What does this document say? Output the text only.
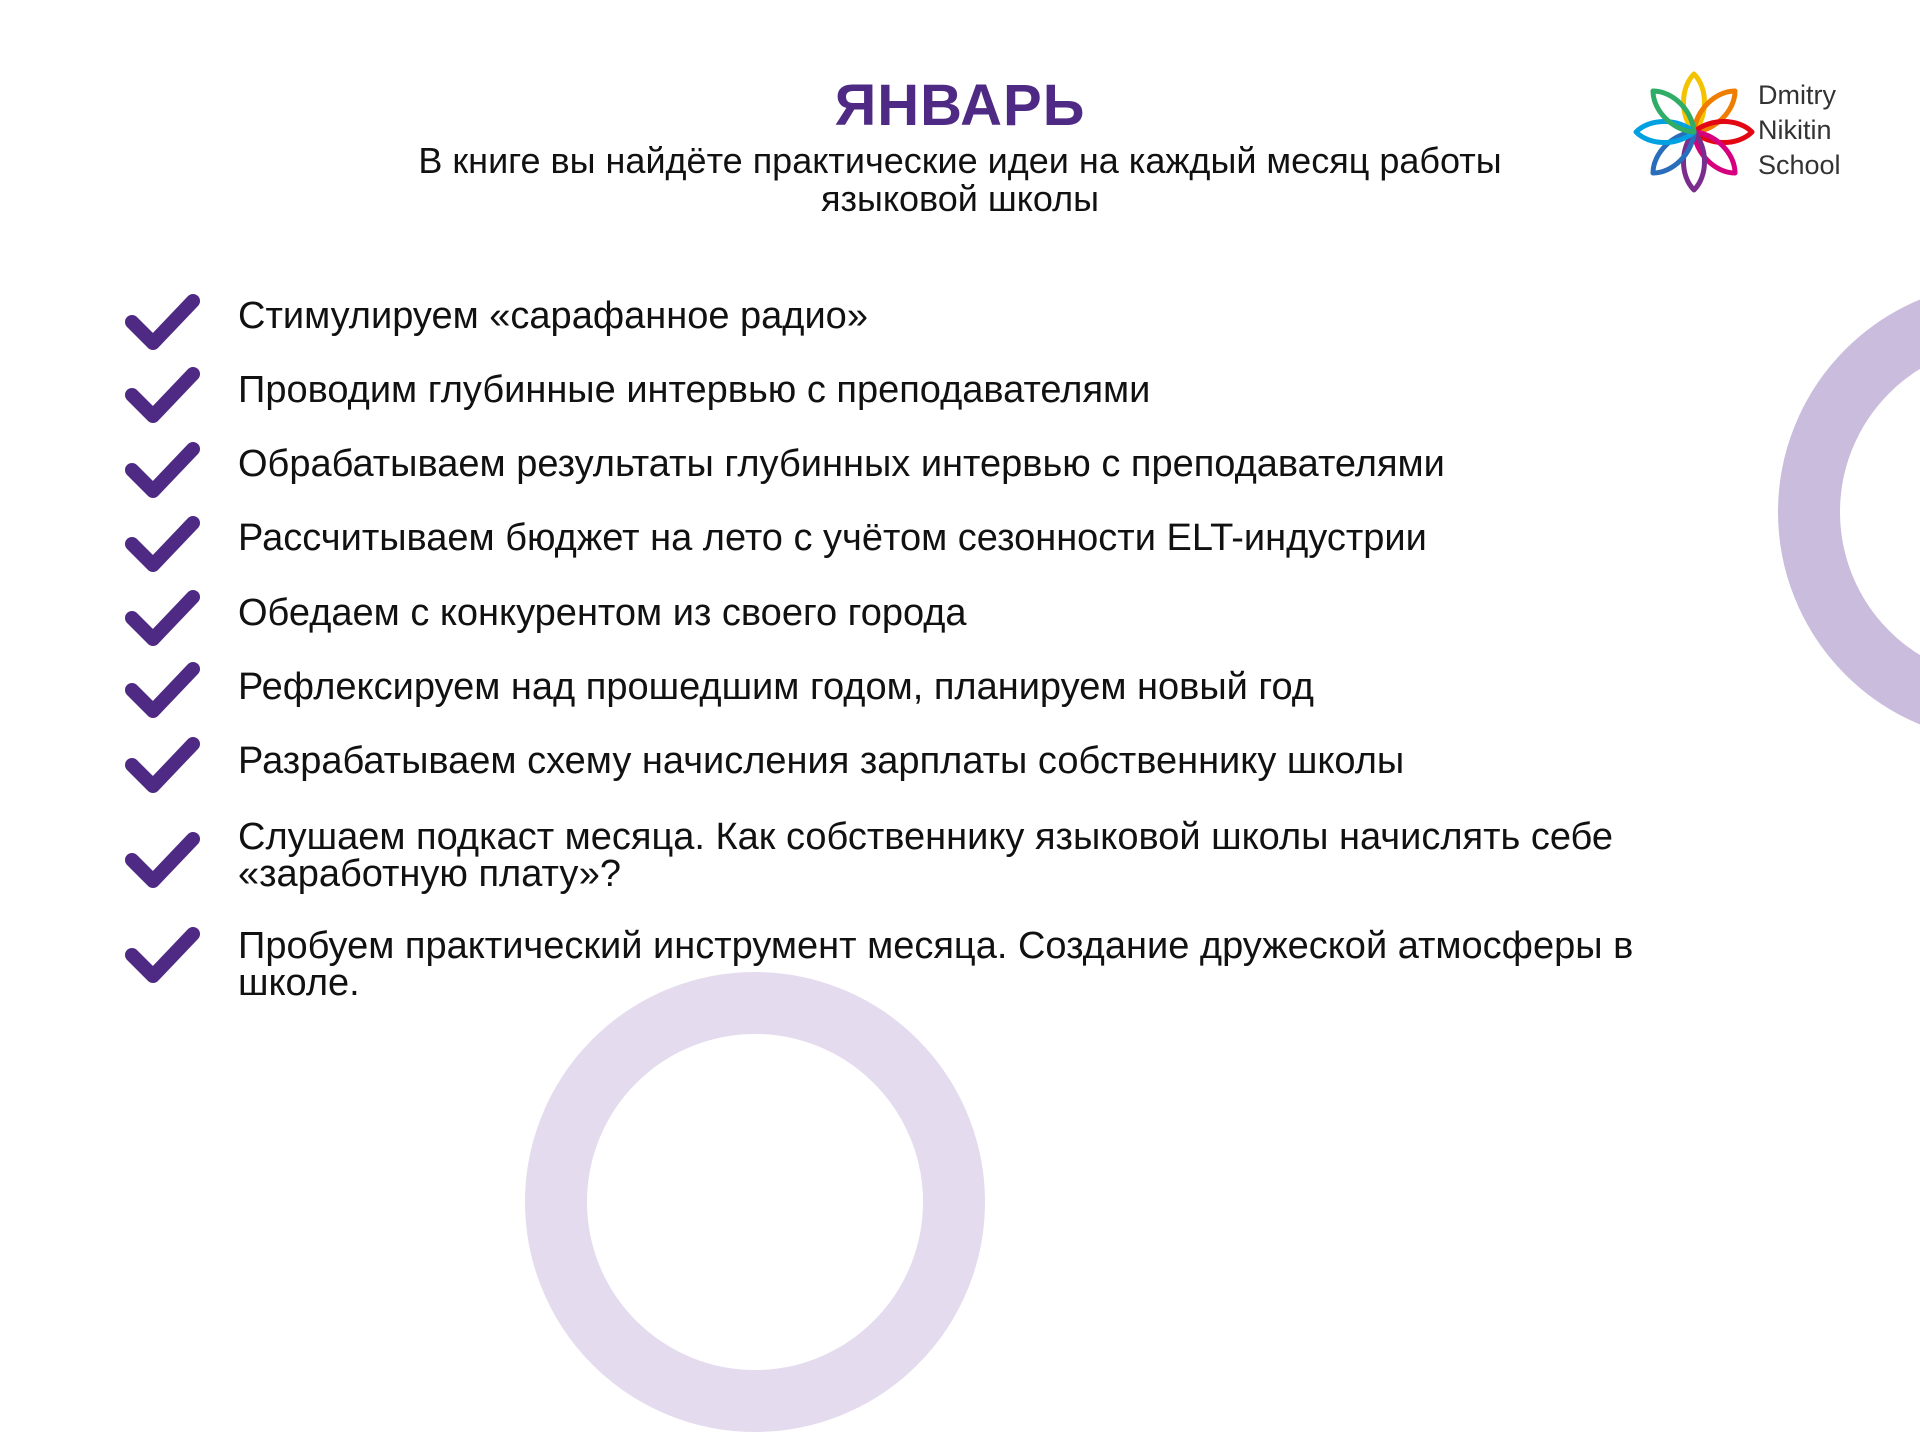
ЯНВАРЬ
В книге вы найдёте практические идеи на каждый месяц работы языковой школы
Dmitry
Nikitin
School
Стимулируем «сарафанное радио»
Проводим глубинные интервью с преподавателями
Обрабатываем результаты глубинных интервью с преподавателями
Рассчитываем бюджет на лето с учётом сезонности ELT-индустрии
Обедаем с конкурентом из своего города
Рефлексируем над прошедшим годом, планируем новый год
Разрабатываем схему начисления зарплаты собственнику школы
Слушаем подкаст месяца. Как собственнику языковой школы начислять себе «заработную плату»?
Пробуем практический инструмент месяца. Создание дружеской атмосферы в школе.
